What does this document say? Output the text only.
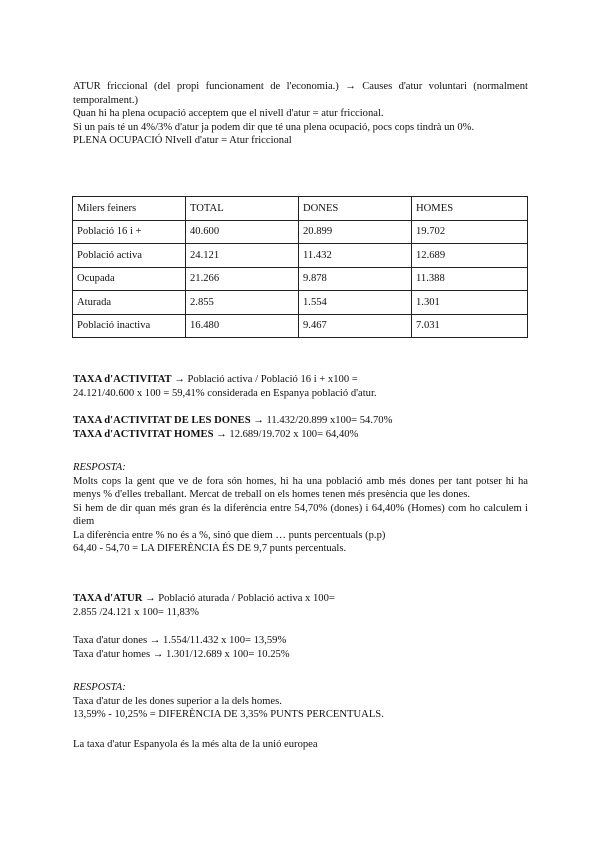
ATUR friccional (del propi funcionament de l'economia.) → Causes d'atur voluntari (normalment temporalment.)

Quan hi ha plena ocupació acceptem que el nivell d'atur = atur friccional.

Si un país té un 4%/3% d'atur ja podem dir que té una plena ocupació, pocs cops tindrà un 0%.

PLENA OCUPACIÓ NIvell d'atur = Atur friccional

Milers feiners	TOTAL	DONES	HOMES
Població 16 i +	40.600	20.899	19.702
Població activa	24.121	11.432	12.689
Ocupada	21.266	9.878	11.388
Aturada	2.855	1.554	1.301
Població inactiva	16.480	9.467	7.031

TAXA d'ACTIVITAT → Població activa / Població 16 i + x100 =

24.121/40.600 x 100 = 59,41% considerada en Espanya població d'atur.

TAXA d'ACTIVITAT DE LES DONES → 11.432/20.899 x100= 54.70%

TAXA d'ACTIVITAT HOMES → 12.689/19.702 x 100= 64,40%

RESPOSTA:

Molts cops la gent que ve de fora són homes, hi ha una població amb més dones per tant potser hi ha menys % d'elles treballant. Mercat de treball on els homes tenen més presència que les dones.

Si hem de dir quan més gran és la diferència entre 54,70% (dones) i 64,40% (Homes) com ho calculem i diem

La diferència entre % no és a %, sinó que diem … punts percentuals (p.p)

64,40 - 54,70 = LA DIFERÈNCIA ÉS DE 9,7 punts percentuals.

TAXA d'ATUR → Població aturada / Població activa x 100=

2.855 /24.121 x 100= 11,83%

Taxa d'atur dones → 1.554/11.432 x 100= 13,59%

Taxa d'atur homes → 1.301/12.689 x 100= 10.25%

RESPOSTA:

Taxa d'atur de les dones superior a la dels homes.

13,59% - 10,25% = DIFERÈNCIA DE 3,35% PUNTS PERCENTUALS.

La taxa d'atur Espanyola és la més alta de la unió europea
